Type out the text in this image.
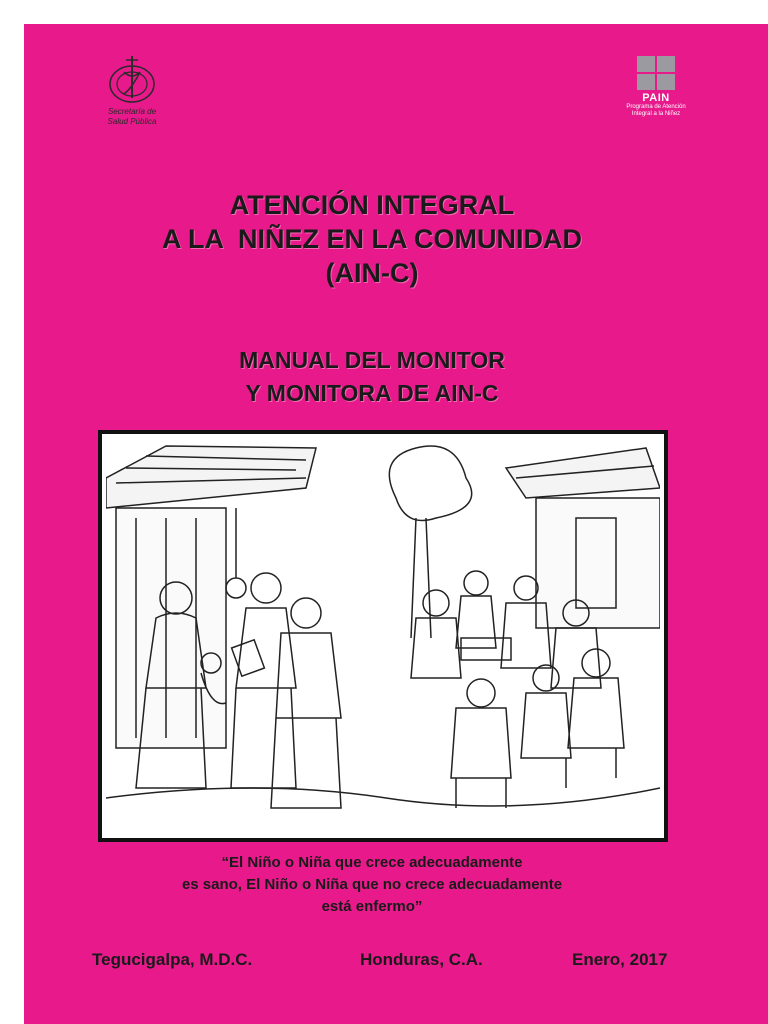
Secretaría de
Salud Pública
PAIN
Programa de Atención
Integral a la Niñez
ATENCIÓN INTEGRAL
A LA  NIÑEZ EN LA COMUNIDAD
(AIN-C)
MANUAL DEL MONITOR
Y MONITORA DE AIN-C
“El Niño o Niña que crece adecuadamente
es sano, El Niño o Niña que no crece adecuadamente
está enfermo”
Tegucigalpa, M.D.C.	Honduras, C.A.	Enero, 2017
